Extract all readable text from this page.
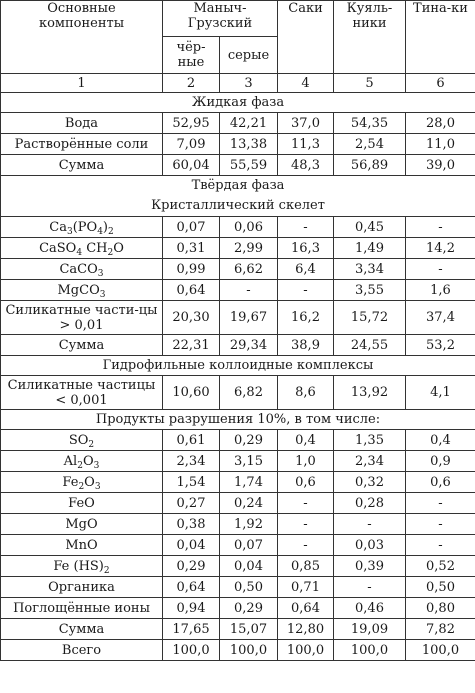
Основные компоненты	Маныч-Грузский		Саки	Куяль-ники	Тина-ки
	чёр-ные	серые			
1	2	3	4	5	6
Жидкая фаза					
Вода	52,95	42,21	37,0	54,35	28,0
Растворённые соли	7,09	13,38	11,3	2,54	11,0
Сумма	60,04	55,59	48,3	56,89	39,0

Твёрдая фаза
Кристаллический скелет					

$Ca_3(PO_4)_2$	0,07	0,06	-	0,45	-
CaSO$_4$ $CH_2O$	0,31	2,99	16,3	1,49	14,2
CaCO$_3$	0,99	6,62	6,4	3,34	-
MgCO$_3$	0,64	-	-	3,55	1,6
Силикатные части-цы > 0,01	20,30	19,67	16,2	15,72	37,4
Сумма	22,31	29,34	38,9	24,55	53,2
Гидрофильные коллоидные комплексы					
Силикатные частицы < 0,001	10,60	6,82	8,6	13,92	4,1
Продукты разрушения 10%, в том числе:					
$SO_2$	0,61	0,29	0,4	1,35	0,4
$Al_2O_3$	2,34	3,15	1,0	2,34	0,9
$Fe_2O_3$	1,54	1,74	0,6	0,32	0,6
FeO	0,27	0,24	-	0,28	-
MgO	0,38	1,92	-	-	-
MnO	0,04	0,07	-	0,03	-
Fe $(HS)_2$	0,29	0,04	0,85	0,39	0,52
Органика	0,64	0,50	0,71	-	0,50
Поглощённые ионы	0,94	0,29	0,64	0,46	0,80
Сумма	17,65	15,07	12,80	19,09	7,82
Всего	100,0	100,0	100,0	100,0	100,0
